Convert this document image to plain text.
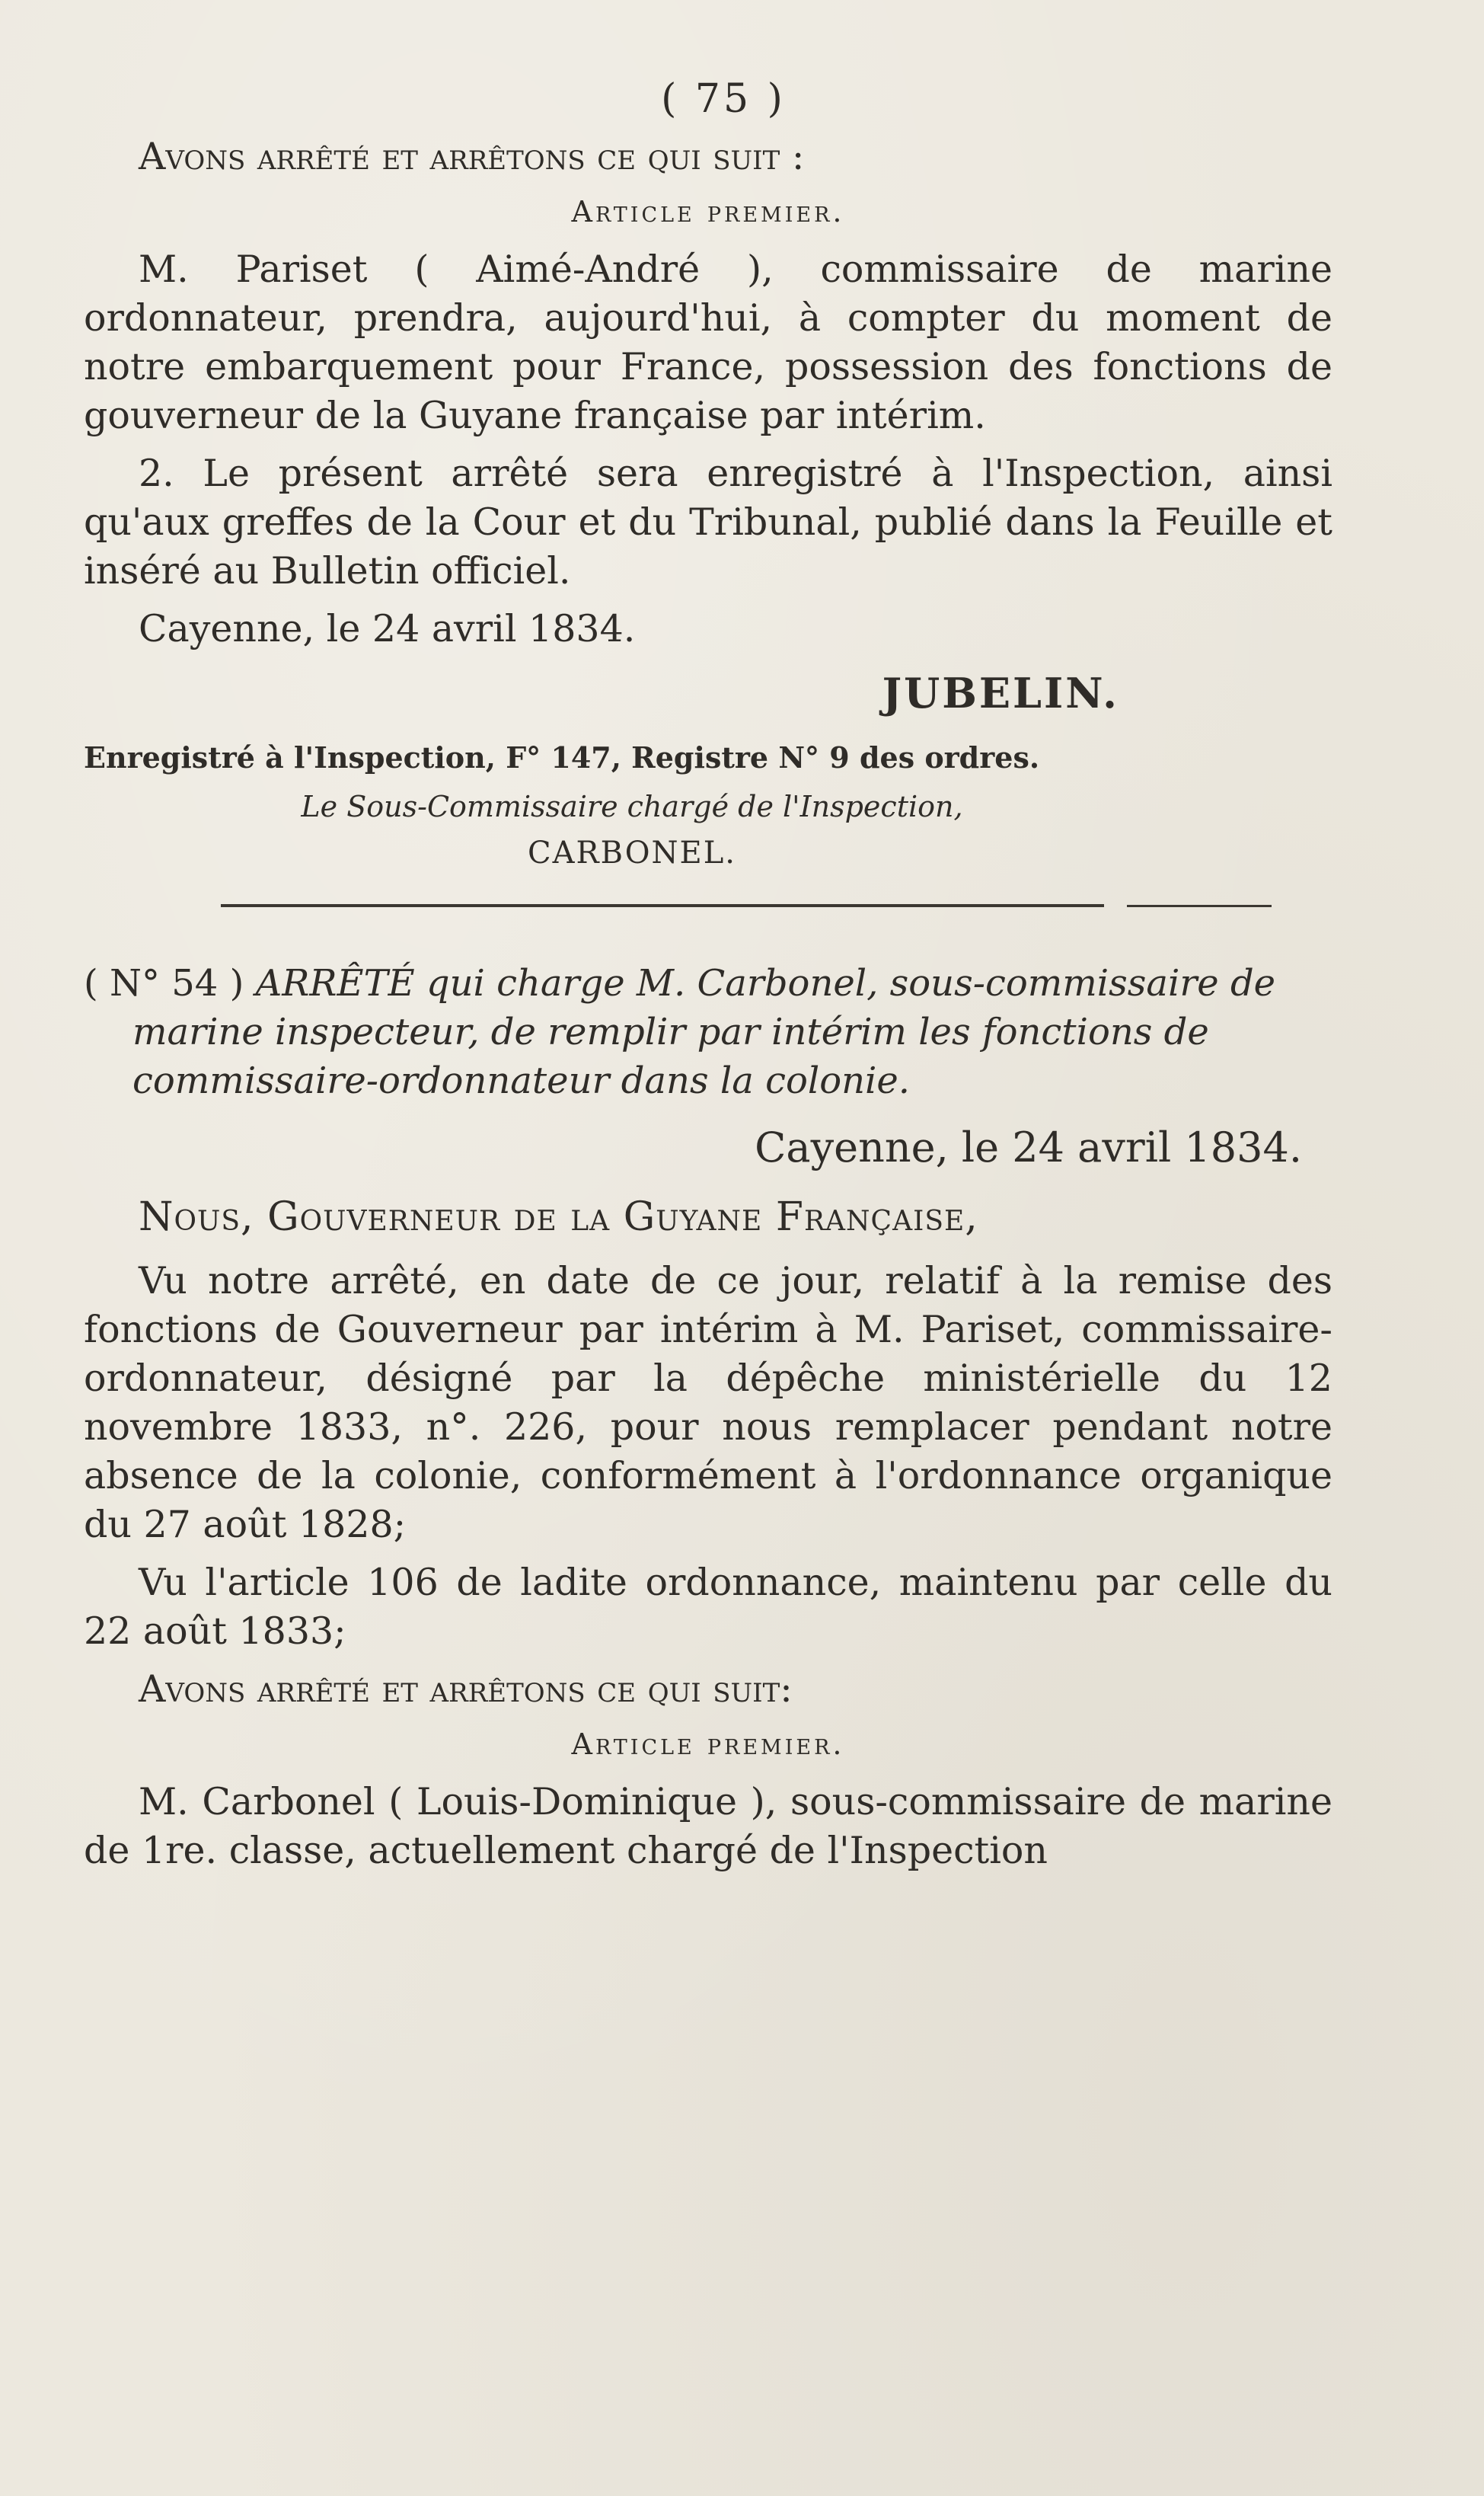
( 75 )
Avons arrêté et arrêtons ce qui suit :
Article premier.
M. Pariset ( Aimé-André ), commissaire de marine ordonnateur, prendra, aujourd'hui, à compter du moment de notre embarquement pour France, possession des fonctions de gouverneur de la Guyane française par intérim.
2. Le présent arrêté sera enregistré à l'Inspection, ainsi qu'aux greffes de la Cour et du Tribunal, publié dans la Feuille et inséré au Bulletin officiel.
Cayenne, le 24 avril 1834.
JUBELIN.
Enregistré à l'Inspection, F° 147, Registre N° 9 des ordres.
Le Sous-Commissaire chargé de l'Inspection,
CARBONEL.
( N° 54 ) ARRÊTÉ qui charge M. Carbonel, sous-commissaire de marine inspecteur, de remplir par intérim les fonctions de commissaire-ordonnateur dans la colonie.
Cayenne, le 24 avril 1834.
Nous, Gouverneur de la Guyane Française,
Vu notre arrêté, en date de ce jour, relatif à la remise des fonctions de Gouverneur par intérim à M. Pariset, commissaire-ordonnateur, désigné par la dépêche ministérielle du 12 novembre 1833, n°. 226, pour nous remplacer pendant notre absence de la colonie, conformément à l'ordonnance organique du 27 août 1828;
Vu l'article 106 de ladite ordonnance, maintenu par celle du 22 août 1833;
Avons arrêté et arrêtons ce qui suit:
Article premier.
M. Carbonel ( Louis-Dominique ), sous-commissaire de marine de 1re. classe, actuellement chargé de l'Inspection
